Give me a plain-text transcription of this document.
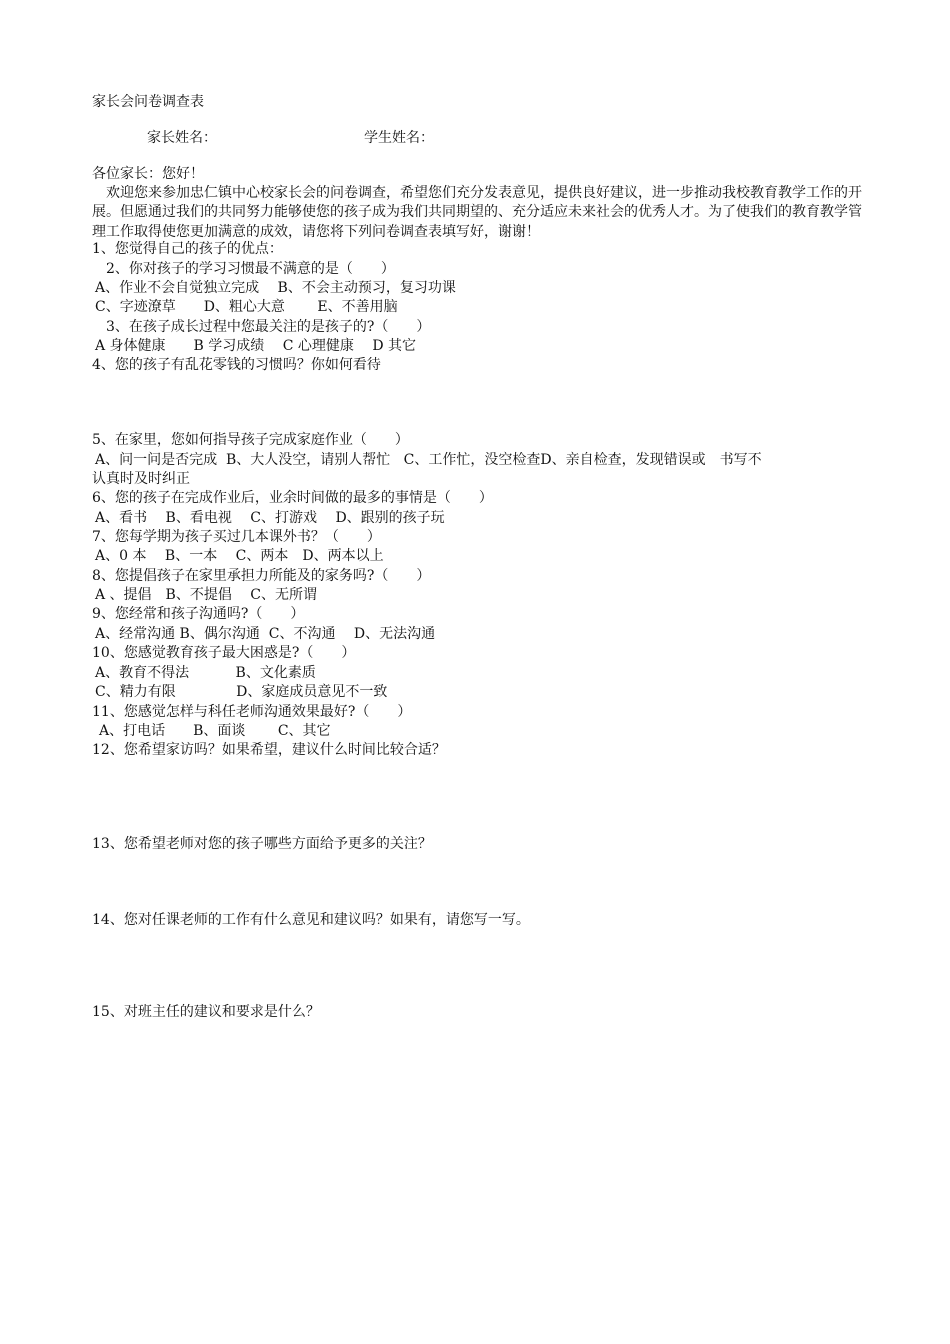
家长会问卷调查表
家长姓名：	学生姓名：
各位家长：您好！
　欢迎您来参加忠仁镇中心校家长会的问卷调查，希望您们充分发表意见，提供良好建议，进一步推动我校教育教学工作的开展。但愿通过我们的共同努力能够使您的孩子成为我们共同期望的、充分适应未来社会的优秀人才。为了使我们的教育教学管理工作取得使您更加满意的成效，请您将下列问卷调查表填写好，谢谢！
1、您觉得自己的孩子的优点：
2、你对孩子的学习习惯最不满意的是（　　）
A、作业不会自觉独立完成　 B、不会主动预习，复习功课
C、字迹潦草　　D、粗心大意　　 E、不善用脑
3、在孩子成长过程中您最关注的是孩子的?（　　）
A 身体健康　　B 学习成绩　 C 心理健康　 D 其它
4、您的孩子有乱花零钱的习惯吗？你如何看待
5、在家里，您如何指导孩子完成家庭作业（　　）
A、问一问是否完成  B、大人没空，请别人帮忙   C、工作忙，没空检查D、亲自检查，发现错误或　书写不
认真时及时纠正
6、您的孩子在完成作业后，业余时间做的最多的事情是（　　）
A、看书　 B、看电视　 C、打游戏　 D、跟别的孩子玩
7、您每学期为孩子买过几本课外书？（　　）
A、0 本　 B、一本　 C、两本　D、两本以上
8、您提倡孩子在家里承担力所能及的家务吗?（　　）
A 、提倡　B、不提倡　 C、无所谓
9、您经常和孩子沟通吗?（　　）
A、经常沟通 B、偶尔沟通  C、不沟通　 D、无法沟通
10、您感觉教育孩子最大困惑是?（　　）
A、教育不得法　　　 B、文化素质
C、精力有限　　　　 D、家庭成员意见不一致
11、您感觉怎样与科任老师沟通效果最好?（　　）
A、打电话　　B、面谈　　 C、其它
12、您希望家访吗？如果希望，建议什么时间比较合适？
13、您希望老师对您的孩子哪些方面给予更多的关注？
14、您对任课老师的工作有什么意见和建议吗？如果有，请您写一写。
15、对班主任的建议和要求是什么？
